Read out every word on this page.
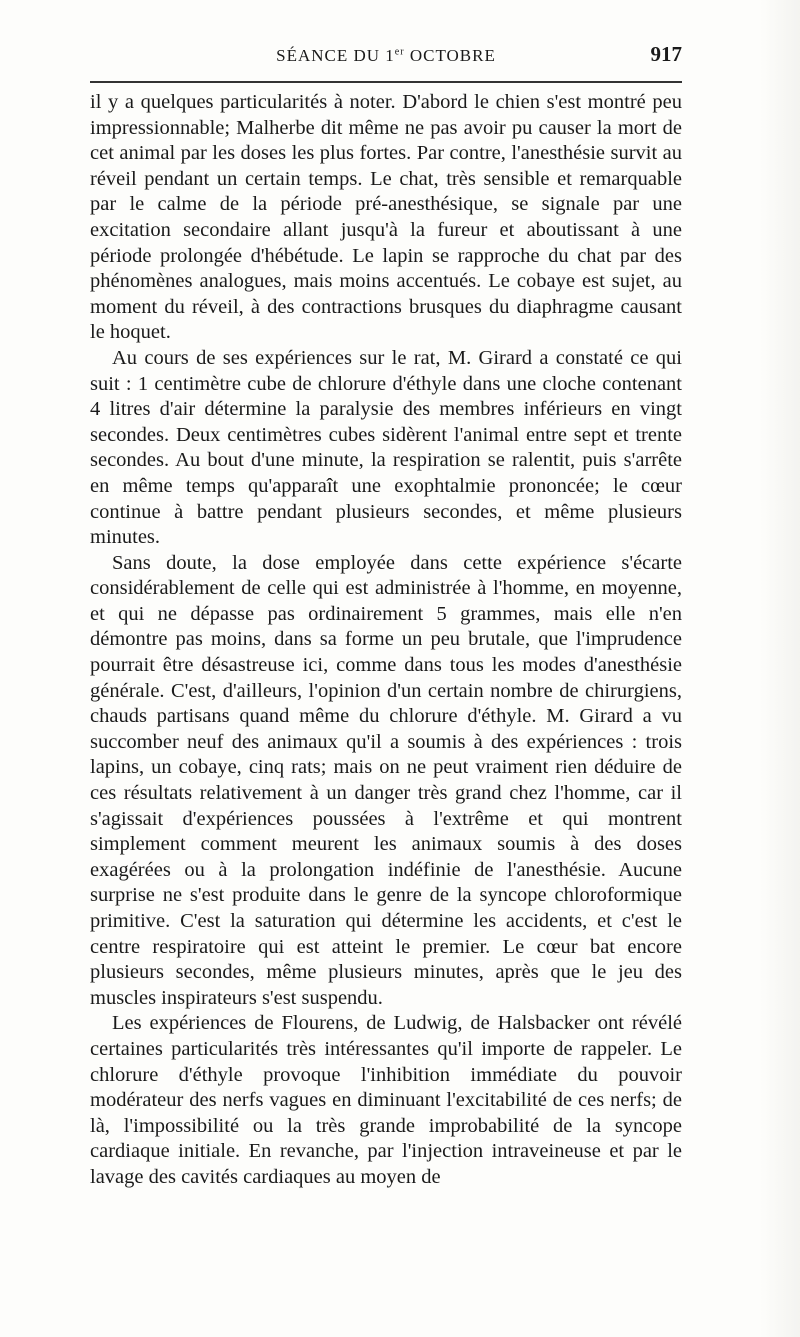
SÉANCE DU 1er OCTOBRE	917

il y a quelques particularités à noter. D'abord le chien s'est montré peu impressionnable; Malherbe dit même ne pas avoir pu causer la mort de cet animal par les doses les plus fortes. Par contre, l'anesthésie survit au réveil pendant un certain temps. Le chat, très sensible et remarquable par le calme de la période pré-anesthésique, se signale par une excitation secondaire allant jusqu'à la fureur et aboutissant à une période prolongée d'hébétude. Le lapin se rapproche du chat par des phénomènes analogues, mais moins accentués. Le cobaye est sujet, au moment du réveil, à des contractions brusques du diaphragme causant le hoquet.

Au cours de ses expériences sur le rat, M. Girard a constaté ce qui suit : 1 centimètre cube de chlorure d'éthyle dans une cloche contenant 4 litres d'air détermine la paralysie des membres inférieurs en vingt secondes. Deux centimètres cubes sidèrent l'animal entre sept et trente secondes. Au bout d'une minute, la respiration se ralentit, puis s'arrête en même temps qu'apparaît une exophtalmie prononcée; le cœur continue à battre pendant plusieurs secondes, et même plusieurs minutes.

Sans doute, la dose employée dans cette expérience s'écarte considérablement de celle qui est administrée à l'homme, en moyenne, et qui ne dépasse pas ordinairement 5 grammes, mais elle n'en démontre pas moins, dans sa forme un peu brutale, que l'imprudence pourrait être désastreuse ici, comme dans tous les modes d'anesthésie générale. C'est, d'ailleurs, l'opinion d'un certain nombre de chirurgiens, chauds partisans quand même du chlorure d'éthyle. M. Girard a vu succomber neuf des animaux qu'il a soumis à des expériences : trois lapins, un cobaye, cinq rats; mais on ne peut vraiment rien déduire de ces résultats relativement à un danger très grand chez l'homme, car il s'agissait d'expériences poussées à l'extrême et qui montrent simplement comment meurent les animaux soumis à des doses exagérées ou à la prolongation indéfinie de l'anesthésie. Aucune surprise ne s'est produite dans le genre de la syncope chloroformique primitive. C'est la saturation qui détermine les accidents, et c'est le centre respiratoire qui est atteint le premier. Le cœur bat encore plusieurs secondes, même plusieurs minutes, après que le jeu des muscles inspirateurs s'est suspendu.

Les expériences de Flourens, de Ludwig, de Halsbacker ont révélé certaines particularités très intéressantes qu'il importe de rappeler. Le chlorure d'éthyle provoque l'inhibition immédiate du pouvoir modérateur des nerfs vagues en diminuant l'excitabilité de ces nerfs; de là, l'impossibilité ou la très grande improbabilité de la syncope cardiaque initiale. En revanche, par l'injection intraveineuse et par le lavage des cavités cardiaques au moyen de
